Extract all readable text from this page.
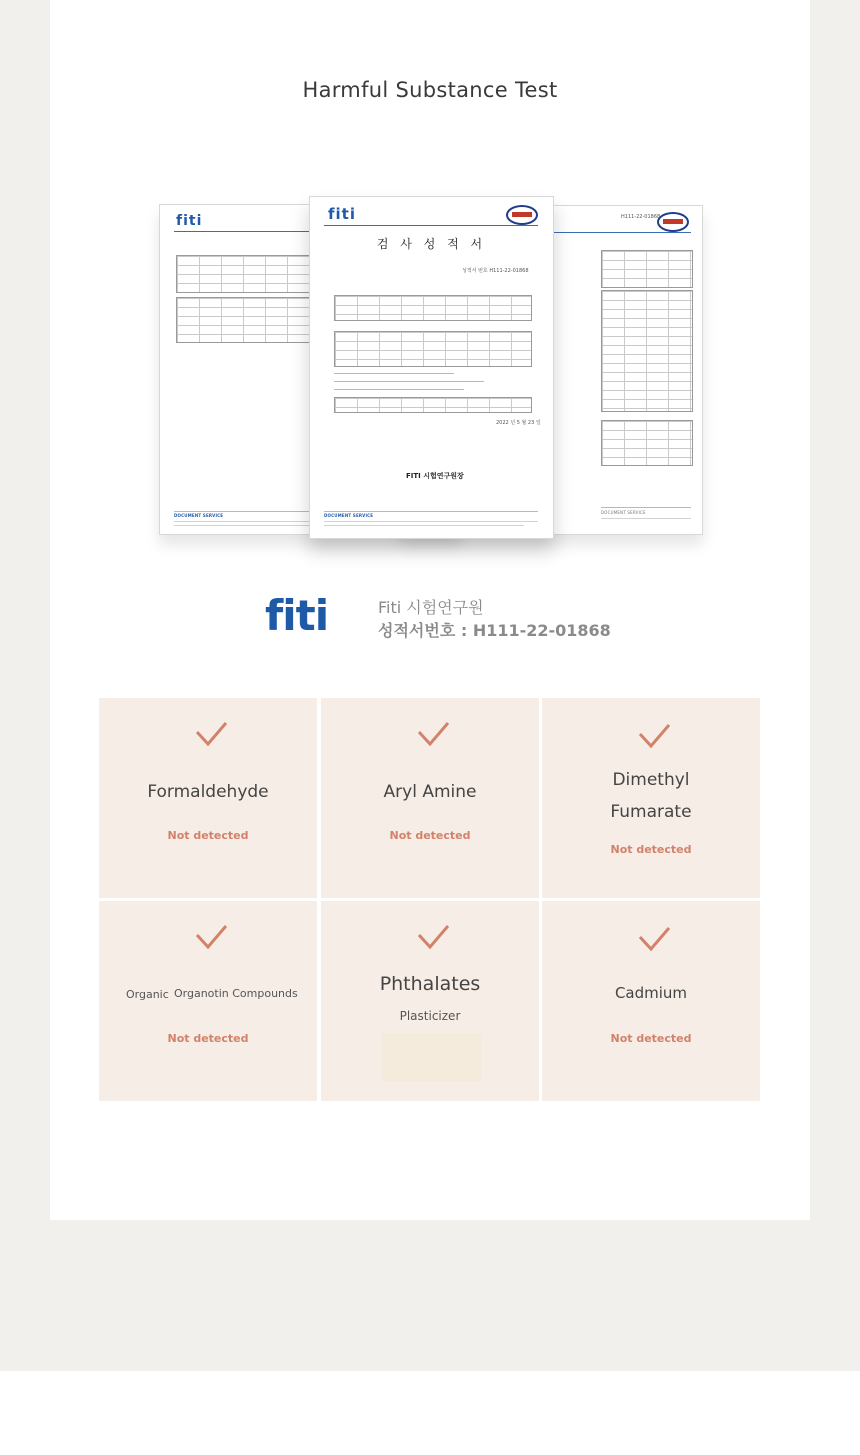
Harmful Substance Test
fiti
DOCUMENT SERVICE
H111-22-01868
DOCUMENT SERVICE
fiti
검 사 성 적 서
성적서 번호 H111-22-01868
2022 년 5 월 23 일
FITI 시험연구원장
DOCUMENT SERVICE
fiti	Fiti 시험연구원
성적서번호 : H111-22-01868
Formaldehyde
Not detected
Aryl Amine
Not detected
Dimethyl
Fumarate
Not detected
Organic Organotin Compounds
Not detected
Phthalates
Plasticizer
Cadmium
Not detected
